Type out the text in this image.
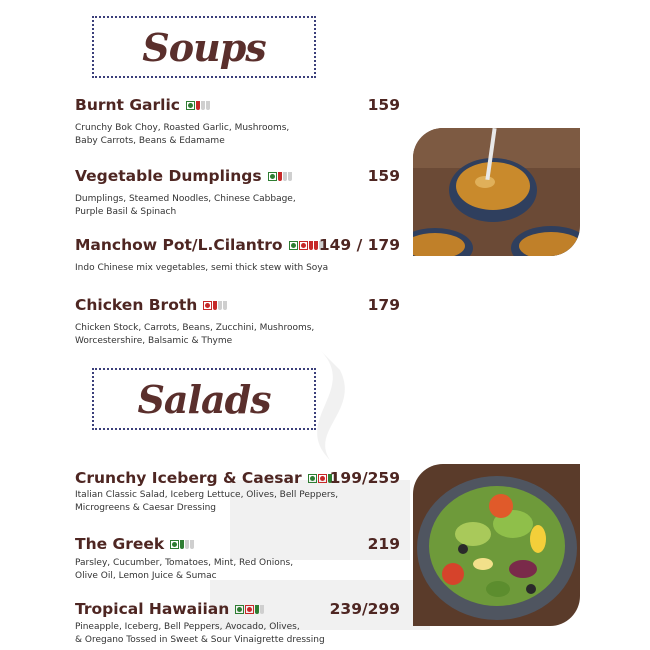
Soups
Burnt Garlic	159
Crunchy Bok Choy, Roasted Garlic, Mushrooms,
Baby Carrots, Beans & Edamame
Vegetable Dumplings	159
Dumplings, Steamed Noodles, Chinese Cabbage,
Purple Basil & Spinach
Manchow Pot/L.Cilantro 149 / 179
Indo Chinese mix vegetables, semi thick stew with Soya
Chicken Broth	179
Chicken Stock, Carrots, Beans, Zucchini, Mushrooms,
Worcestershire, Balsamic & Thyme
Salads
Crunchy Iceberg & Caesar 199/259
Italian Classic Salad, Iceberg Lettuce, Olives, Bell Peppers,
Microgreens & Caesar Dressing
The Greek	219
Parsley, Cucumber, Tomatoes, Mint, Red Onions,
Olive Oil, Lemon Juice & Sumac
Tropical Hawaiian	239/299
Pineapple, Iceberg, Bell Peppers, Avocado, Olives,
& Oregano Tossed in Sweet & Sour Vinaigrette dressing
